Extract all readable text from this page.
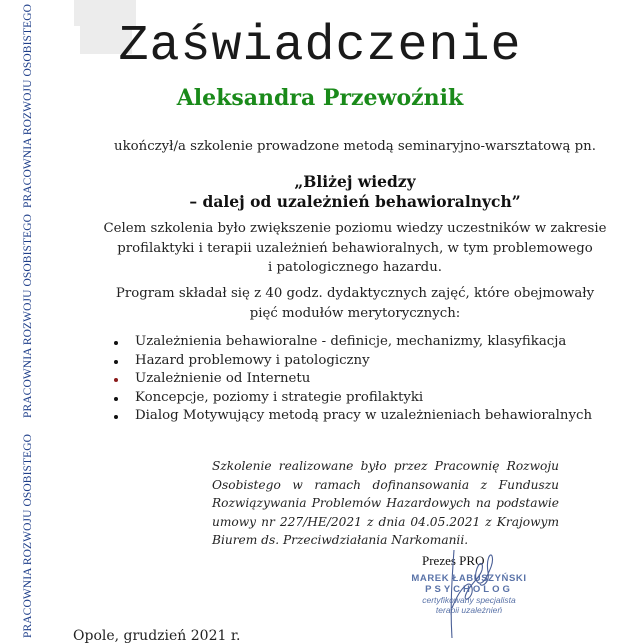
PRACOWNIA ROZWOJU OSOBISTEGO
PRACOWNIA ROZWOJU OSOBISTEGO
PRACOWNIA ROZWOJU OSOBISTEGO	Zaświadczenie
Aleksandra Przewoźnik
ukończył/a szkolenie prowadzone metodą seminaryjno-warsztatową pn.
„Bliżej wiedzy
– dalej od uzależnień behawioralnych”
Celem szkolenia było zwiększenie poziomu wiedzy uczestników w zakresie
profilaktyki i terapii uzależnień behawioralnych, w tym problemowego
i patologicznego hazardu.
Program składał się z 40 godz. dydaktycznych zajęć, które obejmowały
pięć modułów merytorycznych:
Uzależnienia behawioralne - definicje, mechanizmy, klasyfikacja
Hazard problemowy i patologiczny
Uzależnienie od Internetu
Koncepcje, poziomy i strategie profilaktyki
Dialog Motywujący metodą pracy w uzależnieniach behawioralnych
Szkolenie realizowane było przez Pracownię Rozwoju Osobistego w ramach dofinansowania z Funduszu Rozwiązywania Problemów Hazardowych na podstawie umowy nr 227/HE/2021 z dnia 04.05.2021 z Krajowym Biurem ds. Przeciwdziałania Narkomanii.
Prezes PRO
MAREK ŁABUSZYŃSKI
PSYCHOLOG
certyfikowany specjalista
terapii uzależnień
Opole, grudzień 2021 r.
